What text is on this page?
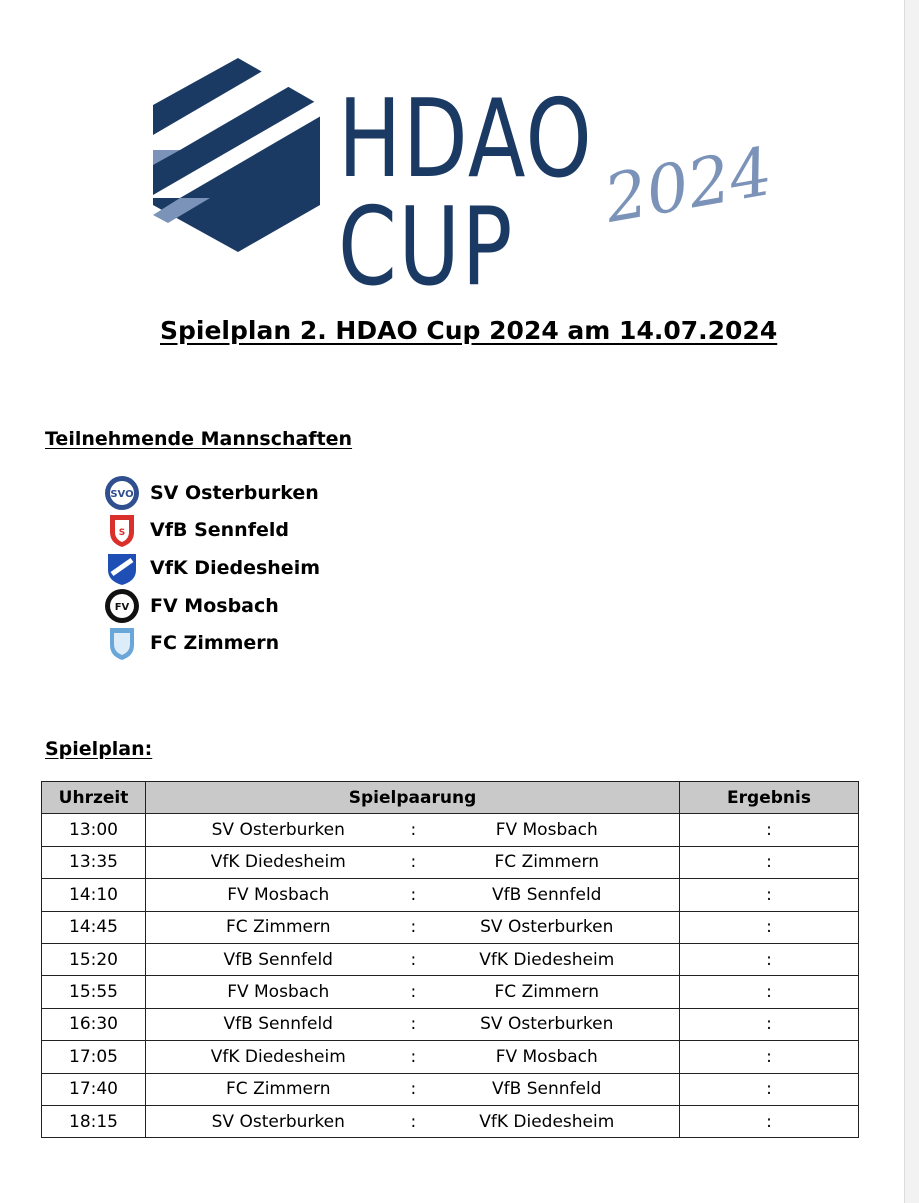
HDAO CUP	2024
Spielplan 2. HDAO Cup 2024 am 14.07.2024
Teilnehmende Mannschaften
SVO SV Osterburken
S VfB Sennfeld
VfK Diedesheim
FV FV Mosbach
FC Zimmern
Spielplan:
Uhrzeit	Spielpaarung	Ergebnis
13:00	SV Osterburken : FV Mosbach	:
13:35	VfK Diedesheim : FC Zimmern	:
14:10	FV Mosbach : VfB Sennfeld	:
14:45	FC Zimmern : SV Osterburken	:
15:20	VfB Sennfeld : VfK Diedesheim	:
15:55	FV Mosbach : FC Zimmern	:
16:30	VfB Sennfeld : SV Osterburken	:
17:05	VfK Diedesheim : FV Mosbach	:
17:40	FC Zimmern : VfB Sennfeld	:
18:15	SV Osterburken : VfK Diedesheim	:
